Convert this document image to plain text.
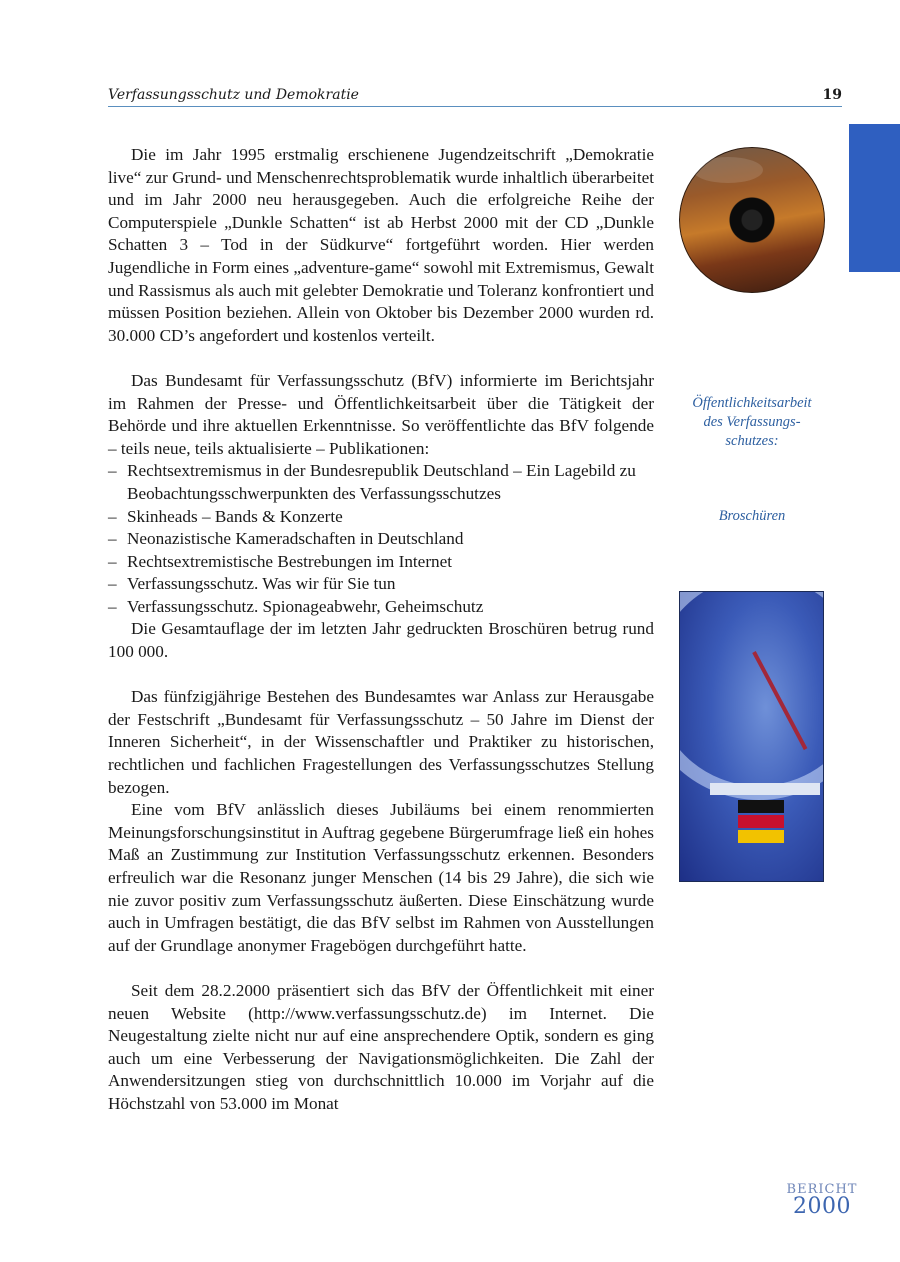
Verfassungsschutz und Demokratie	19

Die im Jahr 1995 erstmalig erschienene Jugendzeitschrift „Demokratie live“ zur Grund- und Menschenrechtsproblematik wurde inhaltlich überarbeitet und im Jahr 2000 neu herausgegeben. Auch die erfolgreiche Reihe der Computerspiele „Dunkle Schatten“ ist ab Herbst 2000 mit der CD „Dunkle Schatten 3 – Tod in der Südkurve“ fortgeführt worden. Hier werden Jugendliche in Form eines „adventure-game“ sowohl mit Extremismus, Gewalt und Rassismus als auch mit gelebter Demokratie und Toleranz konfrontiert und müssen Position beziehen. Allein von Oktober bis Dezember 2000 wurden rd. 30.000 CD’s angefordert und kostenlos verteilt.

Das Bundesamt für Verfassungsschutz (BfV) informierte im Berichtsjahr im Rahmen der Presse- und Öffentlichkeitsarbeit über die Tätigkeit der Behörde und ihre aktuellen Erkenntnisse. So veröffentlichte das BfV folgende – teils neue, teils aktualisierte – Publikationen:

– Rechtsextremismus in der Bundesrepublik Deutschland – Ein Lagebild zu Beobachtungsschwerpunkten des Verfassungsschutzes
– Skinheads – Bands & Konzerte
– Neonazistische Kameradschaften in Deutschland
– Rechtsextremistische Bestrebungen im Internet
– Verfassungsschutz. Was wir für Sie tun
– Verfassungsschutz. Spionageabwehr, Geheimschutz

Die Gesamtauflage der im letzten Jahr gedruckten Broschüren betrug rund 100 000.

Das fünfzigjährige Bestehen des Bundesamtes war Anlass zur Herausgabe der Festschrift „Bundesamt für Verfassungsschutz – 50 Jahre im Dienst der Inneren Sicherheit“, in der Wissenschaftler und Praktiker zu historischen, rechtlichen und fachlichen Fragestellungen des Verfassungsschutzes Stellung bezogen.

Eine vom BfV anlässlich dieses Jubiläums bei einem renommierten Meinungsforschungsinstitut in Auftrag gegebene Bürgerumfrage ließ ein hohes Maß an Zustimmung zur Institution Verfassungsschutz erkennen. Besonders erfreulich war die Resonanz junger Menschen (14 bis 29 Jahre), die sich wie nie zuvor positiv zum Verfassungsschutz äußerten. Diese Einschätzung wurde auch in Umfragen bestätigt, die das BfV selbst im Rahmen von Ausstellungen auf der Grundlage anonymer Fragebögen durchgeführt hatte.

Seit dem 28.2.2000 präsentiert sich das BfV der Öffentlichkeit mit einer neuen Website (http://www.verfassungsschutz.de) im Internet. Die Neugestaltung zielte nicht nur auf eine ansprechendere Optik, sondern es ging auch um eine Verbesserung der Navigationsmöglichkeiten. Die Zahl der Anwendersitzungen stieg von durchschnittlich 10.000 im Vorjahr auf die Höchstzahl von 53.000 im Monat

Öffentlichkeitsarbeit
des Verfassungs-
schutzes:
Broschüren
BERICHT
2000
